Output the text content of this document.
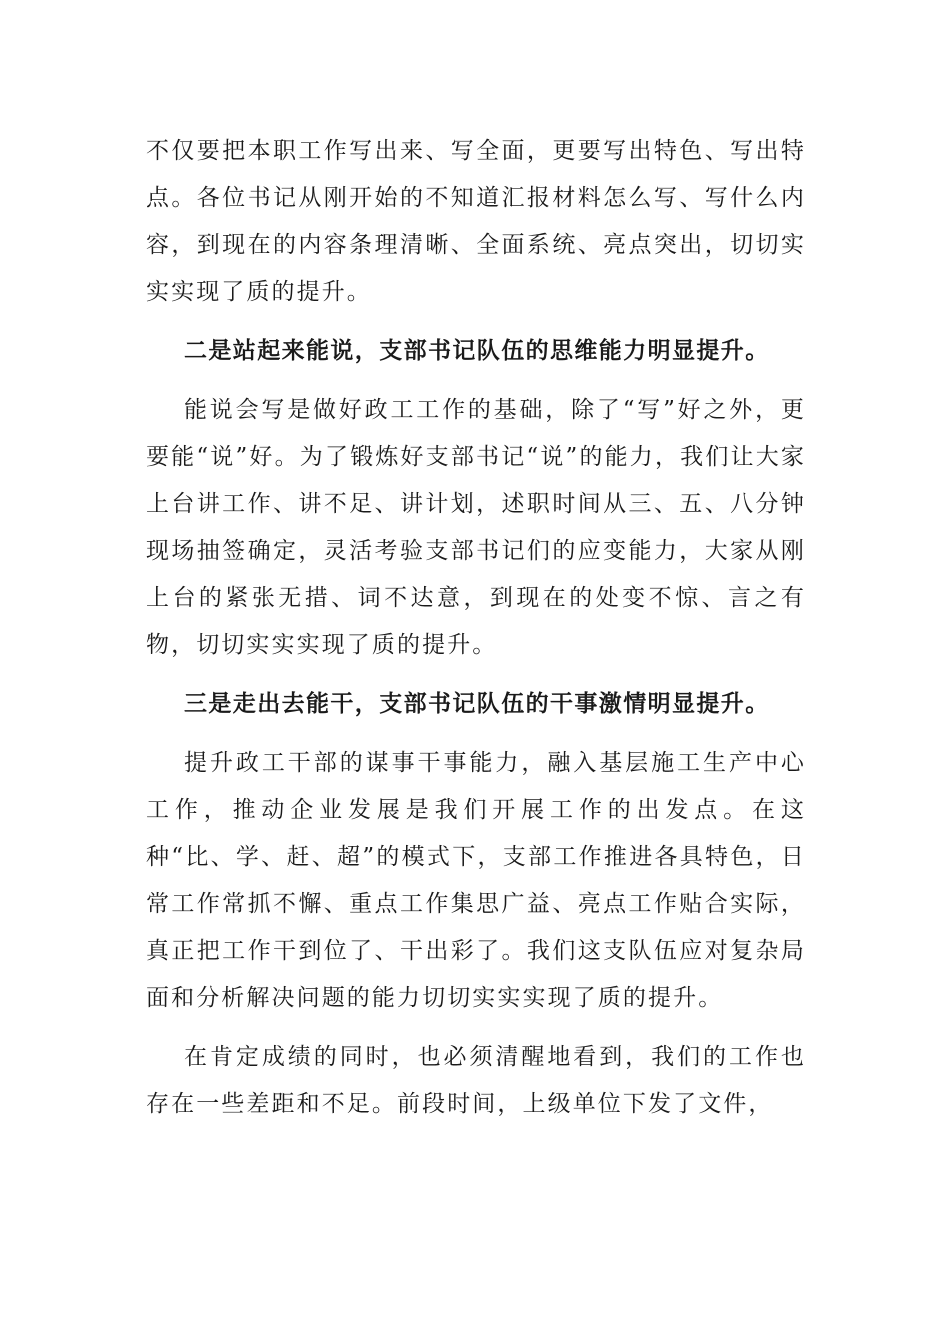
不仅要把本职工作写出来、写全面，更要写出特色、写出特点。各位书记从刚开始的不知道汇报材料怎么写、写什么内容，到现在的内容条理清晰、全面系统、亮点突出，切切实实实现了质的提升。

二是站起来能说，支部书记队伍的思维能力明显提升。

能说会写是做好政工工作的基础，除了“写”好之外，更要能“说”好。为了锻炼好支部书记“说”的能力，我们让大家上台讲工作、讲不足、讲计划，述职时间从三、五、八分钟现场抽签确定，灵活考验支部书记们的应变能力，大家从刚上台的紧张无措、词不达意，到现在的处变不惊、言之有物，切切实实实现了质的提升。

三是走出去能干，支部书记队伍的干事激情明显提升。

提升政工干部的谋事干事能力，融入基层施工生产中心工作，推动企业发展是我们开展工作的出发点。在这种“比、学、赶、超”的模式下，支部工作推进各具特色，日常工作常抓不懈、重点工作集思广益、亮点工作贴合实际，真正把工作干到位了、干出彩了。我们这支队伍应对复杂局面和分析解决问题的能力切切实实实现了质的提升。

在肯定成绩的同时，也必须清醒地看到，我们的工作也存在一些差距和不足。前段时间，上级单位下发了文件，
